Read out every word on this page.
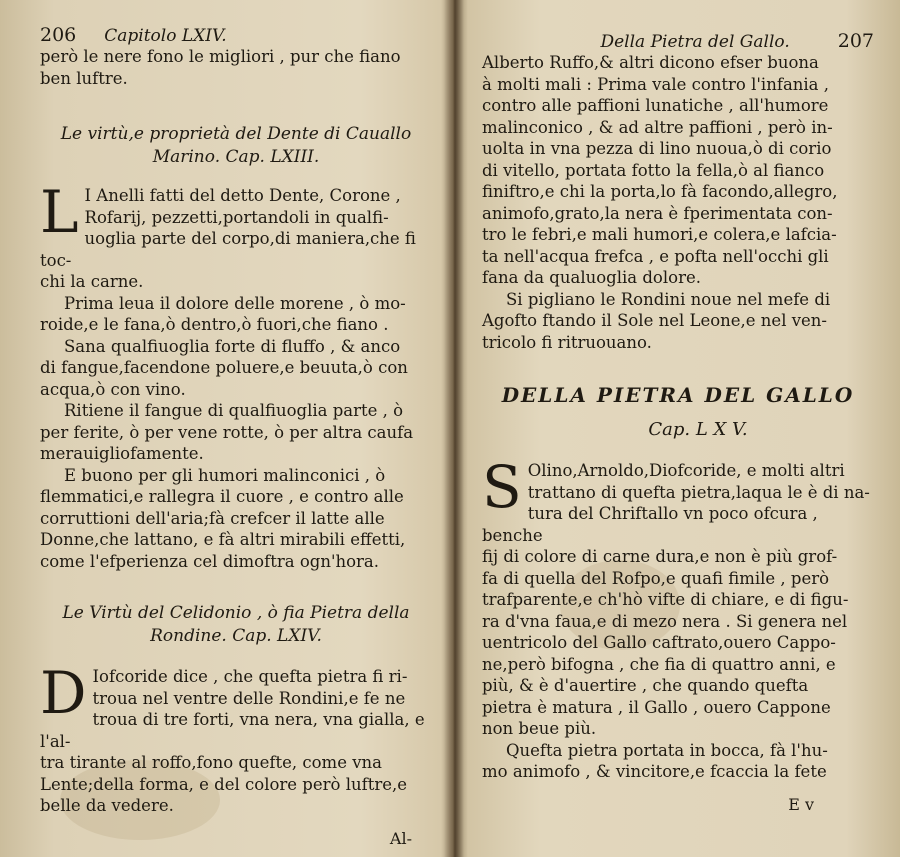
206 Capitolo LXIV.

però le nere fono le migliori , pur che fiano

ben luftre.

Le virtù,e proprietà del Dente di Cauallo

Marino. Cap. LXIII.

L I Anelli fatti del detto Dente, Corone ,

Rofarij, pezzetti,portandoli in qualfi-

uoglia parte del corpo,di maniera,che fi toc-

chi la carne.

Prima leua il dolore delle morene , ò mo-

roide,e le fana,ò dentro,ò fuori,che fiano .

Sana qualfiuoglia forte di fluffo , & anco

di fangue,facendone poluere,e beuuta,ò con

acqua,ò con vino.

Ritiene il fangue di qualfiuoglia parte , ò

per ferite, ò per vene rotte, ò per altra caufa

merauigliofamente.

E buono per gli humori malinconici , ò

flemmatici,e rallegra il cuore , e contro alle

corruttioni dell'aria;fà crefcer il latte alle

Donne,che lattano, e fà altri mirabili effetti,

come l'efperienza cel dimoftra ogn'hora.

Le Virtù del Celidonio , ò fia Pietra della

Rondine. Cap. LXIV.

D Iofcoride dice , che quefta pietra fi ri-

troua nel ventre delle Rondini,e fe ne

troua di tre forti, vna nera, vna gialla, e l'al-

tra tirante al roffo,fono quefte, come vna

Lente;della forma, e del colore però luftre,e

belle da vedere.

Al-
Della Pietra del Gallo.	207

Alberto Ruffo,& altri dicono efser buona

à molti mali : Prima vale contro l'infania ,

contro alle paffioni lunatiche , all'humore

malinconico , & ad altre paffioni , però in-

uolta in vna pezza di lino nuoua,ò di corio

di vitello, portata fotto la fella,ò al fianco

finiftro,e chi la porta,lo fà facondo,allegro,

animofo,grato,la nera è fperimentata con-

tro le febri,e mali humori,e colera,e lafcia-

ta nell'acqua frefca , e pofta nell'occhi gli

fana da qualuoglia dolore.

Si pigliano le Rondini noue nel mefe di

Agofto ftando il Sole nel Leone,e nel ven-

tricolo fi ritruouano.

DELLA PIETRA DEL GALLO
Cap. L X V.
S Olino,Arnoldo,Diofcoride, e molti altri

trattano di quefta pietra,laqua le è di na-

tura del Chriftallo vn poco ofcura , benche

fij di colore di carne dura,e non è più grof-

fa di quella del Rofpo,e quafi fimile , però

trafparente,e ch'hò vifte di chiare, e di figu-

ra d'vna faua,e di mezo nera . Si genera nel

uentricolo del Gallo caftrato,ouero Cappo-

ne,però bifogna , che fia di quattro anni, e

più, & è d'auertire , che quando quefta

pietra è matura , il Gallo , ouero Cappone

non beue più.

Quefta pietra portata in bocca, fà l'hu-

mo animofo , & vincitore,e fcaccia la fete

E v
